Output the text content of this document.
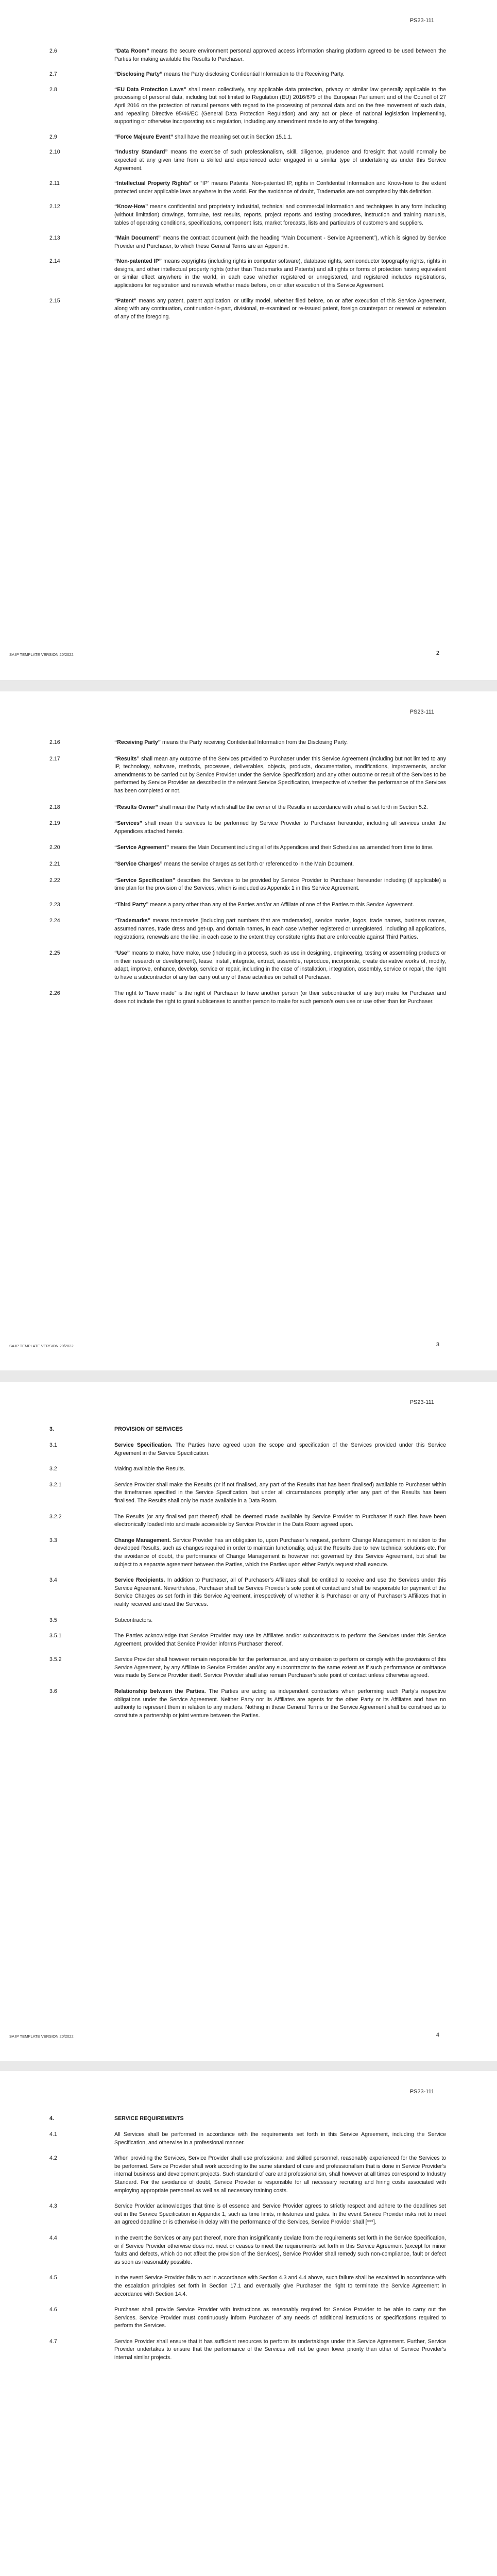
PS23-111
2.6	“Data Room” means the secure environment personal approved access information sharing platform agreed to be used between the Parties for making available the Results to Purchaser.
2.7	“Disclosing Party” means the Party disclosing Confidential Information to the Receiving Party.
2.8	“EU Data Protection Laws” shall mean collectively, any applicable data protection, privacy or similar law generally applicable to the processing of personal data, including but not limited to Regulation (EU) 2016/679 of the European Parliament and of the Council of 27 April 2016 on the protection of natural persons with regard to the processing of personal data and on the free movement of such data, and repealing Directive 95/46/EC (General Data Protection Regulation) and any act or piece of national legislation implementing, supporting or otherwise incorporating said regulation, including any amendment made to any of the foregoing.
2.9	“Force Majeure Event” shall have the meaning set out in Section 15.1.1.
2.10	“Industry Standard” means the exercise of such professionalism, skill, diligence, prudence and foresight that would normally be expected at any given time from a skilled and experienced actor engaged in a similar type of undertaking as under this Service Agreement.
2.11	“Intellectual Property Rights” or “IP” means Patents, Non-patented IP, rights in Confidential Information and Know-how to the extent protected under applicable laws anywhere in the world. For the avoidance of doubt, Trademarks are not comprised by this definition.
2.12	“Know-How” means confidential and proprietary industrial, technical and commercial information and techniques in any form including (without limitation) drawings, formulae, test results, reports, project reports and testing procedures, instruction and training manuals, tables of operating conditions, specifications, component lists, market forecasts, lists and particulars of customers and suppliers.
2.13	“Main Document” means the contract document (with the heading “Main Document - Service Agreement”), which is signed by Service Provider and Purchaser, to which these General Terms are an Appendix.
2.14	“Non-patented IP” means copyrights (including rights in computer software), database rights, semiconductor topography rights, rights in designs, and other intellectual property rights (other than Trademarks and Patents) and all rights or forms of protection having equivalent or similar effect anywhere in the world, in each case whether registered or unregistered, and registered includes registrations, applications for registration and renewals whether made before, on or after execution of this Service Agreement.
2.15	“Patent” means any patent, patent application, or utility model, whether filed before, on or after execution of this Service Agreement, along with any continuation, continuation-in-part, divisional, re-examined or re-issued patent, foreign counterpart or renewal or extension of any of the foregoing.
SA IP TEMPLATE VERSION 20/2022	2
PS23-111
2.16	“Receiving Party” means the Party receiving Confidential Information from the Disclosing Party.
2.17	“Results” shall mean any outcome of the Services provided to Purchaser under this Service Agreement (including but not limited to any IP, technology, software, methods, processes, deliverables, objects, products, documentation, modifications, improvements, and/or amendments to be carried out by Service Provider under the Service Specification) and any other outcome or result of the Services to be performed by Service Provider as described in the relevant Service Specification, irrespective of whether the performance of the Services has been completed or not.
2.18	“Results Owner” shall mean the Party which shall be the owner of the Results in accordance with what is set forth in Section 5.2.
2.19	“Services” shall mean the services to be performed by Service Provider to Purchaser hereunder, including all services under the Appendices attached hereto.
2.20	“Service Agreement” means the Main Document including all of its Appendices and their Schedules as amended from time to time.
2.21	“Service Charges” means the service charges as set forth or referenced to in the Main Document.
2.22	“Service Specification” describes the Services to be provided by Service Provider to Purchaser hereunder including (if applicable) a time plan for the provision of the Services, which is included as Appendix 1 in this Service Agreement.
2.23	“Third Party” means a party other than any of the Parties and/or an Affiliate of one of the Parties to this Service Agreement.
2.24	“Trademarks” means trademarks (including part numbers that are trademarks), service marks, logos, trade names, business names, assumed names, trade dress and get-up, and domain names, in each case whether registered or unregistered, including all applications, registrations, renewals and the like, in each case to the extent they constitute rights that are enforceable against Third Parties.
2.25	“Use” means to make, have make, use (including in a process, such as use in designing, engineering, testing or assembling products or in their research or development), lease, install, integrate, extract, assemble, reproduce, incorporate, create derivative works of, modify, adapt, improve, enhance, develop, service or repair, including in the case of installation, integration, assembly, service or repair, the right to have a subcontractor of any tier carry out any of these activities on behalf of Purchaser.
2.26	The right to “have made” is the right of Purchaser to have another person (or their subcontractor of any tier) make for Purchaser and does not include the right to grant sublicenses to another person to make for such person’s own use or use other than for Purchaser.
SA IP TEMPLATE VERSION 20/2022	3
PS23-111
3.	PROVISION OF SERVICES
3.1	Service Specification. The Parties have agreed upon the scope and specification of the Services provided under this Service Agreement in the Service Specification.
3.2	Making available the Results.
3.2.1	Service Provider shall make the Results (or if not finalised, any part of the Results that has been finalised) available to Purchaser within the timeframes specified in the Service Specification, but under all circumstances promptly after any part of the Results has been finalised. The Results shall only be made available in a Data Room.
3.2.2	The Results (or any finalised part thereof) shall be deemed made available by Service Provider to Purchaser if such files have been electronically loaded into and made accessible by Service Provider in the Data Room agreed upon.
3.3	Change Management. Service Provider has an obligation to, upon Purchaser’s request, perform Change Management in relation to the developed Results, such as changes required in order to maintain functionality, adjust the Results due to new technical solutions etc. For the avoidance of doubt, the performance of Change Management is however not governed by this Service Agreement, but shall be subject to a separate agreement between the Parties, which the Parties upon either Party’s request shall execute.
3.4	Service Recipients. In addition to Purchaser, all of Purchaser’s Affiliates shall be entitled to receive and use the Services under this Service Agreement. Nevertheless, Purchaser shall be Service Provider’s sole point of contact and shall be responsible for payment of the Service Charges as set forth in this Service Agreement, irrespectively of whether it is Purchaser or any of Purchaser’s Affiliates that in reality received and used the Services.
3.5	Subcontractors.
3.5.1	The Parties acknowledge that Service Provider may use its Affiliates and/or subcontractors to perform the Services under this Service Agreement, provided that Service Provider informs Purchaser thereof.
3.5.2	Service Provider shall however remain responsible for the performance, and any omission to perform or comply with the provisions of this Service Agreement, by any Affiliate to Service Provider and/or any subcontractor to the same extent as if such performance or omittance was made by Service Provider itself. Service Provider shall also remain Purchaser’s sole point of contact unless otherwise agreed.
3.6	Relationship between the Parties. The Parties are acting as independent contractors when performing each Party’s respective obligations under the Service Agreement. Neither Party nor its Affiliates are agents for the other Party or its Affiliates and have no authority to represent them in relation to any matters. Nothing in these General Terms or the Service Agreement shall be construed as to constitute a partnership or joint venture between the Parties.
SA IP TEMPLATE VERSION 20/2022	4
PS23-111
4.	SERVICE REQUIREMENTS
4.1	All Services shall be performed in accordance with the requirements set forth in this Service Agreement, including the Service Specification, and otherwise in a professional manner.
4.2	When providing the Services, Service Provider shall use professional and skilled personnel, reasonably experienced for the Services to be performed. Service Provider shall work according to the same standard of care and professionalism that is done in Service Provider’s internal business and development projects. Such standard of care and professionalism, shall however at all times correspond to Industry Standard. For the avoidance of doubt, Service Provider is responsible for all necessary recruiting and hiring costs associated with employing appropriate personnel as well as all necessary training costs.
4.3	Service Provider acknowledges that time is of essence and Service Provider agrees to strictly respect and adhere to the deadlines set out in the Service Specification in Appendix 1, such as time limits, milestones and gates. In the event Service Provider risks not to meet an agreed deadline or is otherwise in delay with the performance of the Services, Service Provider shall [***].
4.4	In the event the Services or any part thereof, more than insignificantly deviate from the requirements set forth in the Service Specification, or if Service Provider otherwise does not meet or ceases to meet the requirements set forth in this Service Agreement (except for minor faults and defects, which do not affect the provision of the Services), Service Provider shall remedy such non-compliance, fault or defect as soon as reasonably possible.
4.5	In the event Service Provider fails to act in accordance with Section 4.3 and 4.4 above, such failure shall be escalated in accordance with the escalation principles set forth in Section 17.1 and eventually give Purchaser the right to terminate the Service Agreement in accordance with Section 14.4.
4.6	Purchaser shall provide Service Provider with instructions as reasonably required for Service Provider to be able to carry out the Services. Service Provider must continuously inform Purchaser of any needs of additional instructions or specifications required to perform the Services.
4.7	Service Provider shall ensure that it has sufficient resources to perform its undertakings under this Service Agreement. Further, Service Provider undertakes to ensure that the performance of the Services will not be given lower priority than other of Service Provider’s internal similar projects.
